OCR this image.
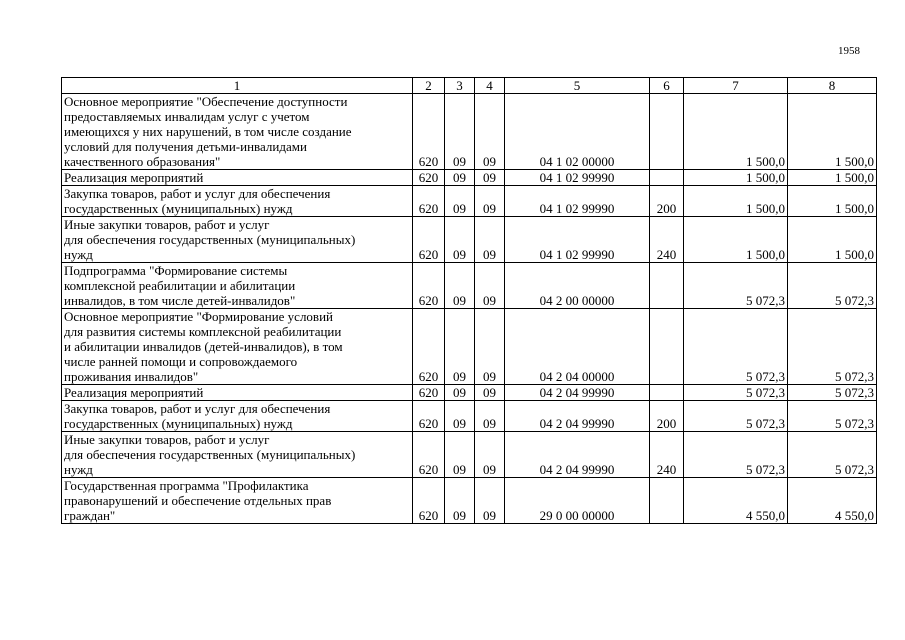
1958
1	2	3	4	5	6	7	8
Основное мероприятие "Обеспечение доступности
предоставляемых инвалидам услуг с учетом
имеющихся у них нарушений, в том числе создание
условий для получения детьми-инвалидами
качественного образования"	620	09	09	04 1 02 00000		1 500,0	1 500,0
Реализация мероприятий	620	09	09	04 1 02 99990		1 500,0	1 500,0
Закупка товаров, работ и услуг для обеспечения
государственных (муниципальных) нужд	620	09	09	04 1 02 99990	200	1 500,0	1 500,0
Иные закупки товаров, работ и услуг
для обеспечения государственных (муниципальных)
нужд	620	09	09	04 1 02 99990	240	1 500,0	1 500,0
Подпрограмма "Формирование системы
комплексной реабилитации и абилитации
инвалидов, в том числе детей-инвалидов"	620	09	09	04 2 00 00000		5 072,3	5 072,3
Основное мероприятие "Формирование условий
для развития системы комплексной реабилитации
и абилитации инвалидов (детей-инвалидов), в том
числе ранней помощи и сопровождаемого
проживания инвалидов"	620	09	09	04 2 04 00000		5 072,3	5 072,3
Реализация мероприятий	620	09	09	04 2 04 99990		5 072,3	5 072,3
Закупка товаров, работ и услуг для обеспечения
государственных (муниципальных) нужд	620	09	09	04 2 04 99990	200	5 072,3	5 072,3
Иные закупки товаров, работ и услуг
для обеспечения государственных (муниципальных)
нужд	620	09	09	04 2 04 99990	240	5 072,3	5 072,3
Государственная программа "Профилактика
правонарушений и обеспечение отдельных прав
граждан"	620	09	09	29 0 00 00000		4 550,0	4 550,0
